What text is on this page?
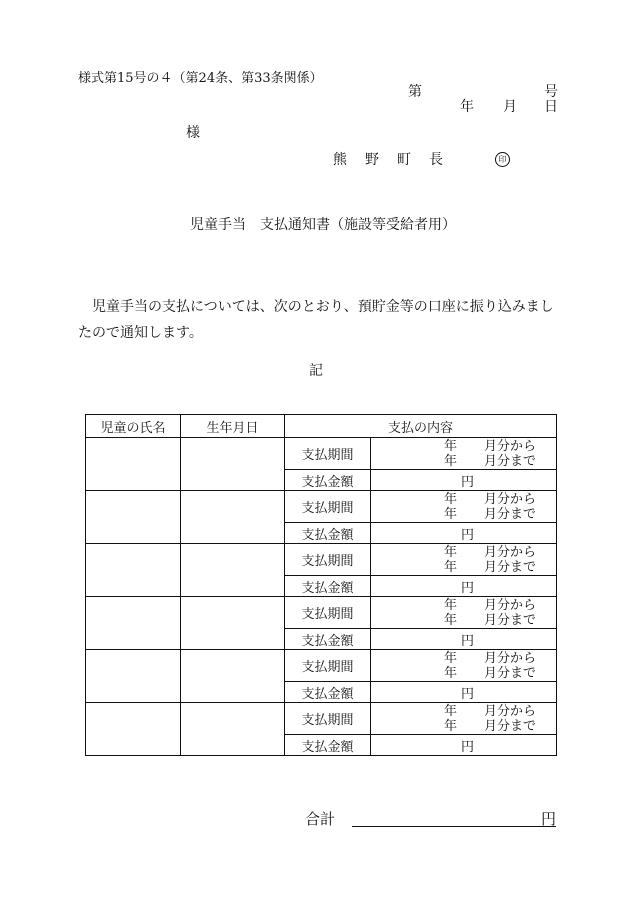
様式第15号の４（第24条、第33条関係）
第	号
年 月 日
様
熊野町長	印
児童手当　支払通知書（施設等受給者用）

　児童手当の支払については、次のとおり、預貯金等の口座に振り込みまし

たので通知します。

記
児童の氏名	生年月日	支払の内容	
		支払期間	年 月分から
年 月分まで

		支払金額	円
		支払期間	年 月分から
年 月分まで

		支払金額	円
		支払期間	年 月分から
年 月分まで

		支払金額	円
		支払期間	年 月分から
年 月分まで

		支払金額	円
		支払期間	年 月分から
年 月分まで

		支払金額	円
		支払期間	年 月分から
年 月分まで

		支払金額	円
合計	円
